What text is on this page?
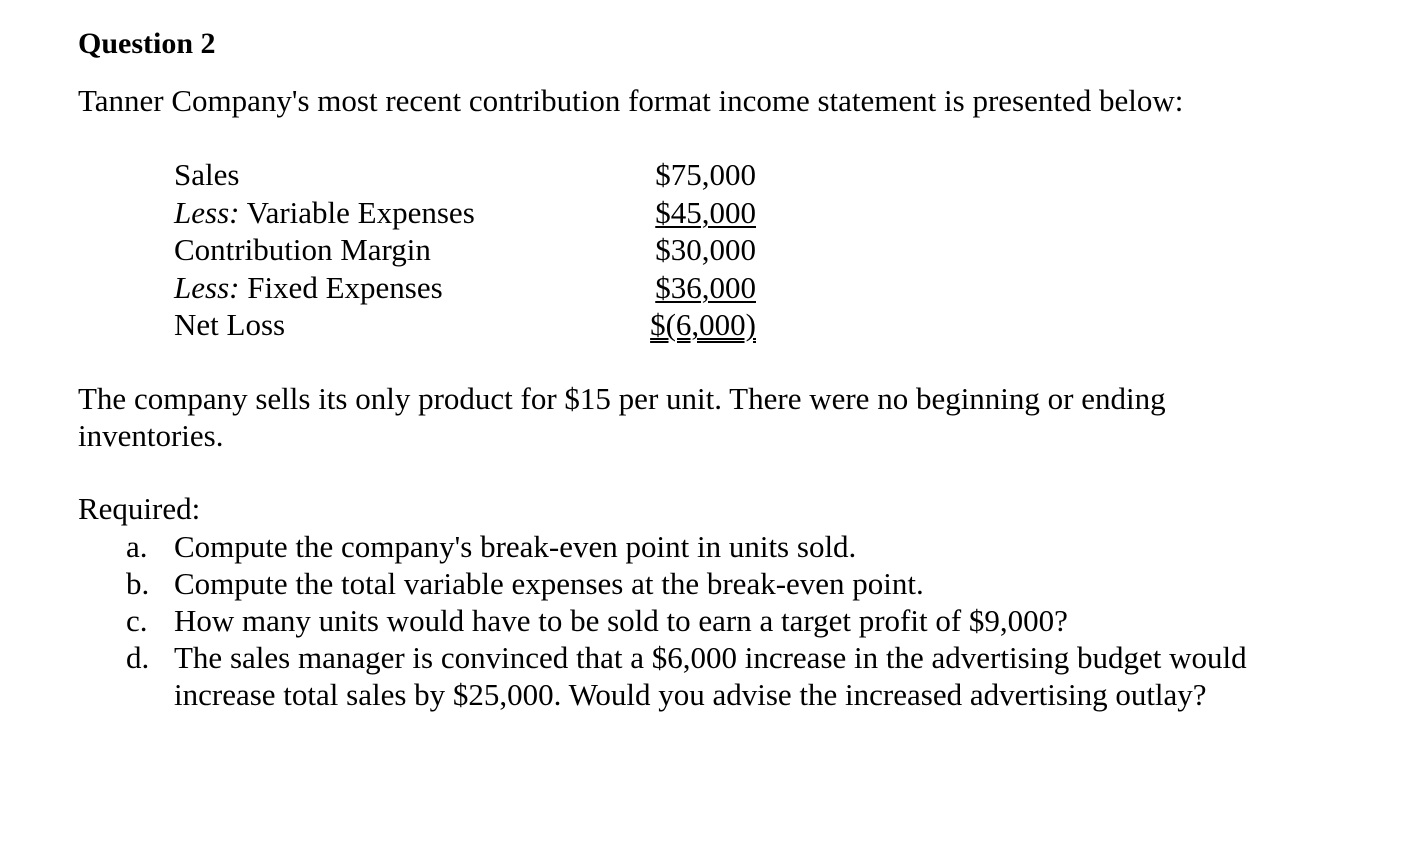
Question 2

Tanner Company's most recent contribution format income statement is presented below:

Sales	$75,000
Less: Variable Expenses	$45,000
Contribution Margin	$30,000
Less: Fixed Expenses	$36,000
Net Loss	$(6,000)

The company sells its only product for $15 per unit. There were no beginning or ending inventories.

Required:

a. Compute the company's break-even point in units sold.
b. Compute the total variable expenses at the break-even point.
c. How many units would have to be sold to earn a target profit of $9,000?
d. The sales manager is convinced that a $6,000 increase in the advertising budget would increase total sales by $25,000. Would you advise the increased advertising outlay?
